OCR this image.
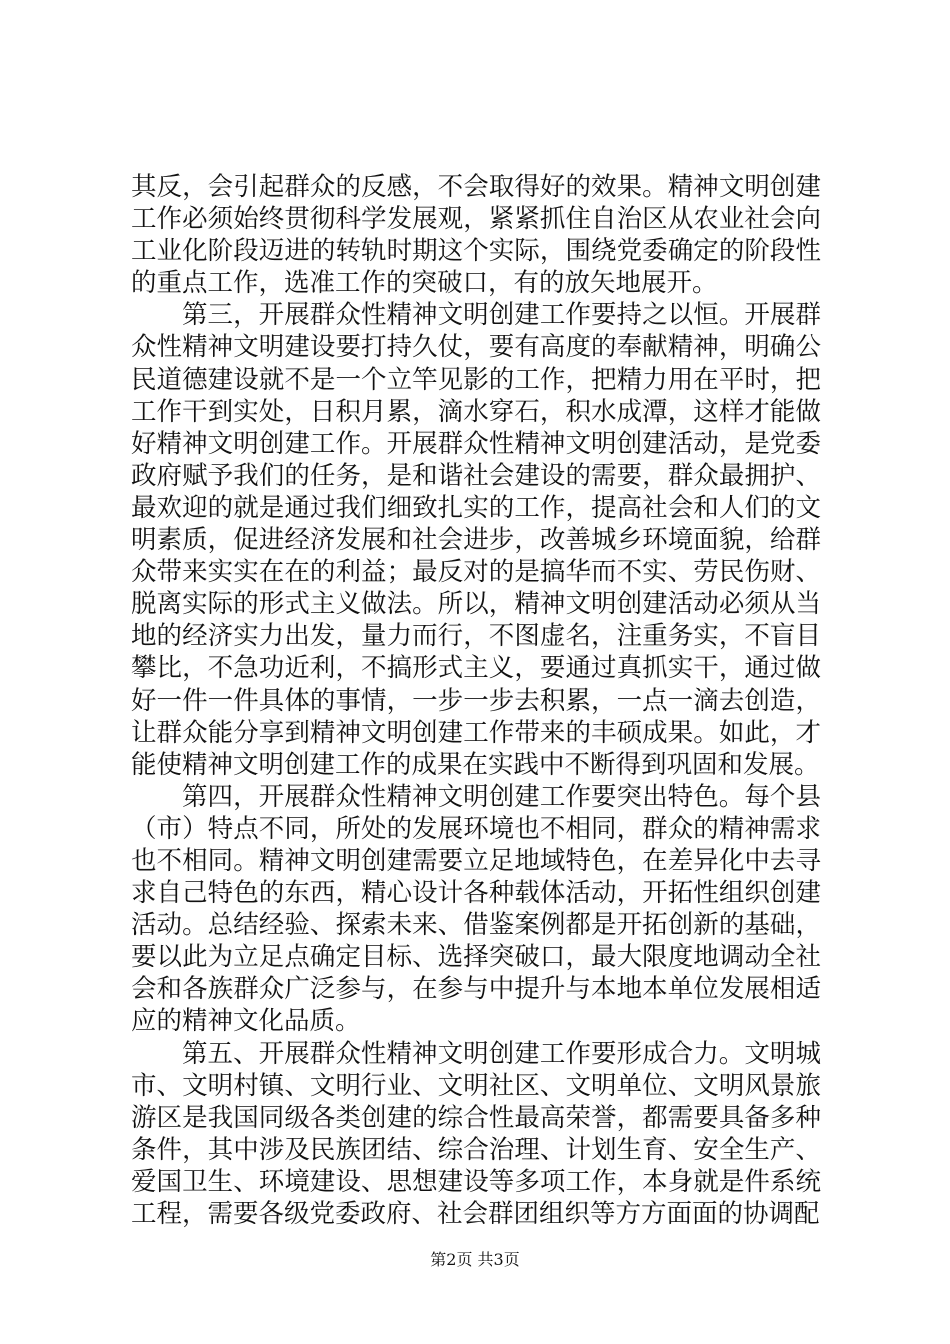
其反，会引起群众的反感，不会取得好的效果。精神文明创建工作必须始终贯彻科学发展观，紧紧抓住自治区从农业社会向工业化阶段迈进的转轨时期这个实际，围绕党委确定的阶段性的重点工作，选准工作的突破口，有的放矢地展开。

第三，开展群众性精神文明创建工作要持之以恒。开展群众性精神文明建设要打持久仗，要有高度的奉献精神，明确公民道德建设就不是一个立竿见影的工作，把精力用在平时，把工作干到实处，日积月累，滴水穿石，积水成潭，这样才能做好精神文明创建工作。开展群众性精神文明创建活动，是党委政府赋予我们的任务，是和谐社会建设的需要，群众最拥护、最欢迎的就是通过我们细致扎实的工作，提高社会和人们的文明素质，促进经济发展和社会进步，改善城乡环境面貌，给群众带来实实在在的利益；最反对的是搞华而不实、劳民伤财、脱离实际的形式主义做法。所以，精神文明创建活动必须从当地的经济实力出发，量力而行，不图虚名，注重务实，不盲目攀比，不急功近利，不搞形式主义，要通过真抓实干，通过做好一件一件具体的事情，一步一步去积累，一点一滴去创造，让群众能分享到精神文明创建工作带来的丰硕成果。如此，才能使精神文明创建工作的成果在实践中不断得到巩固和发展。

第四，开展群众性精神文明创建工作要突出特色。每个县（市）特点不同，所处的发展环境也不相同，群众的精神需求也不相同。精神文明创建需要立足地域特色，在差异化中去寻求自己特色的东西，精心设计各种载体活动，开拓性组织创建活动。总结经验、探索未来、借鉴案例都是开拓创新的基础，要以此为立足点确定目标、选择突破口，最大限度地调动全社会和各族群众广泛参与，在参与中提升与本地本单位发展相适应的精神文化品质。

第五、开展群众性精神文明创建工作要形成合力。文明城市、文明村镇、文明行业、文明社区、文明单位、文明风景旅游区是我国同级各类创建的综合性最高荣誉，都需要具备多种条件，其中涉及民族团结、综合治理、计划生育、安全生产、爱国卫生、环境建设、思想建设等多项工作，本身就是件系统工程，需要各级党委政府、社会群团组织等方方面面的协调配

第2页 共3页
